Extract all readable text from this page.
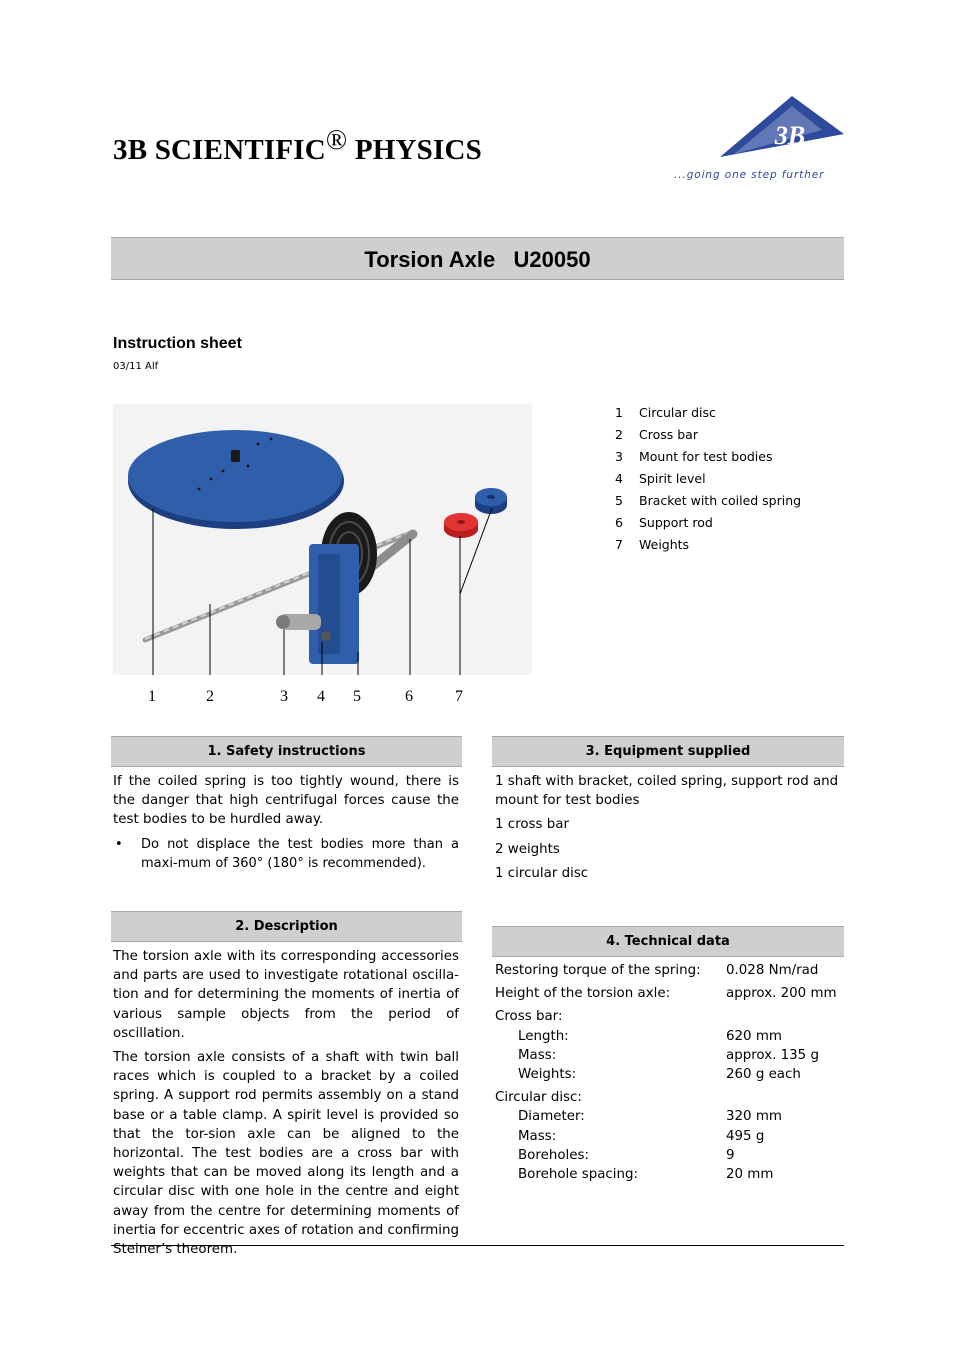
3B SCIENTIFIC® PHYSICS	3B	®
...going one step further
Torsion Axle   U20050
Instruction sheet
03/11 Alf
1	2	3 4 5	6	7
1 Circular disc
2 Cross bar
3 Mount for test bodies
4 Spirit level
5 Bracket with coiled spring
6 Support rod
7 Weights
1. Safety instructions
If the coiled spring is too tightly wound, there is the danger that high centrifugal forces cause the test bodies to be hurdled away.
• Do not displace the test bodies more than a maxi-mum of 360° (180° is recommended).
2. Description
The torsion axle with its corresponding accessories and parts are used to investigate rotational oscilla-tion and for determining the moments of inertia of various sample objects from the period of oscillation.
The torsion axle consists of a shaft with twin ball races which is coupled to a bracket by a coiled spring. A support rod permits assembly on a stand base or a table clamp. A spirit level is provided so that the tor-sion axle can be aligned to the horizontal. The test bodies are a cross bar with weights that can be moved along its length and a circular disc with one hole in the centre and eight away from the centre for determining moments of inertia for eccentric axes of rotation and confirming Steiner’s theorem.
3. Equipment supplied

1 shaft with bracket, coiled spring, support rod and mount for test bodies

1 cross bar

2 weights

1 circular disc

4. Technical data
Restoring torque of the spring: 0.028 Nm/rad
Height of the torsion axle:	approx. 200 mm
Cross bar:
Length:	620 mm
Mass:	approx. 135 g
Weights:	260 g each
Circular disc:
Diameter:	320 mm
Mass:	495 g
Boreholes:	9
Borehole spacing:	20 mm
